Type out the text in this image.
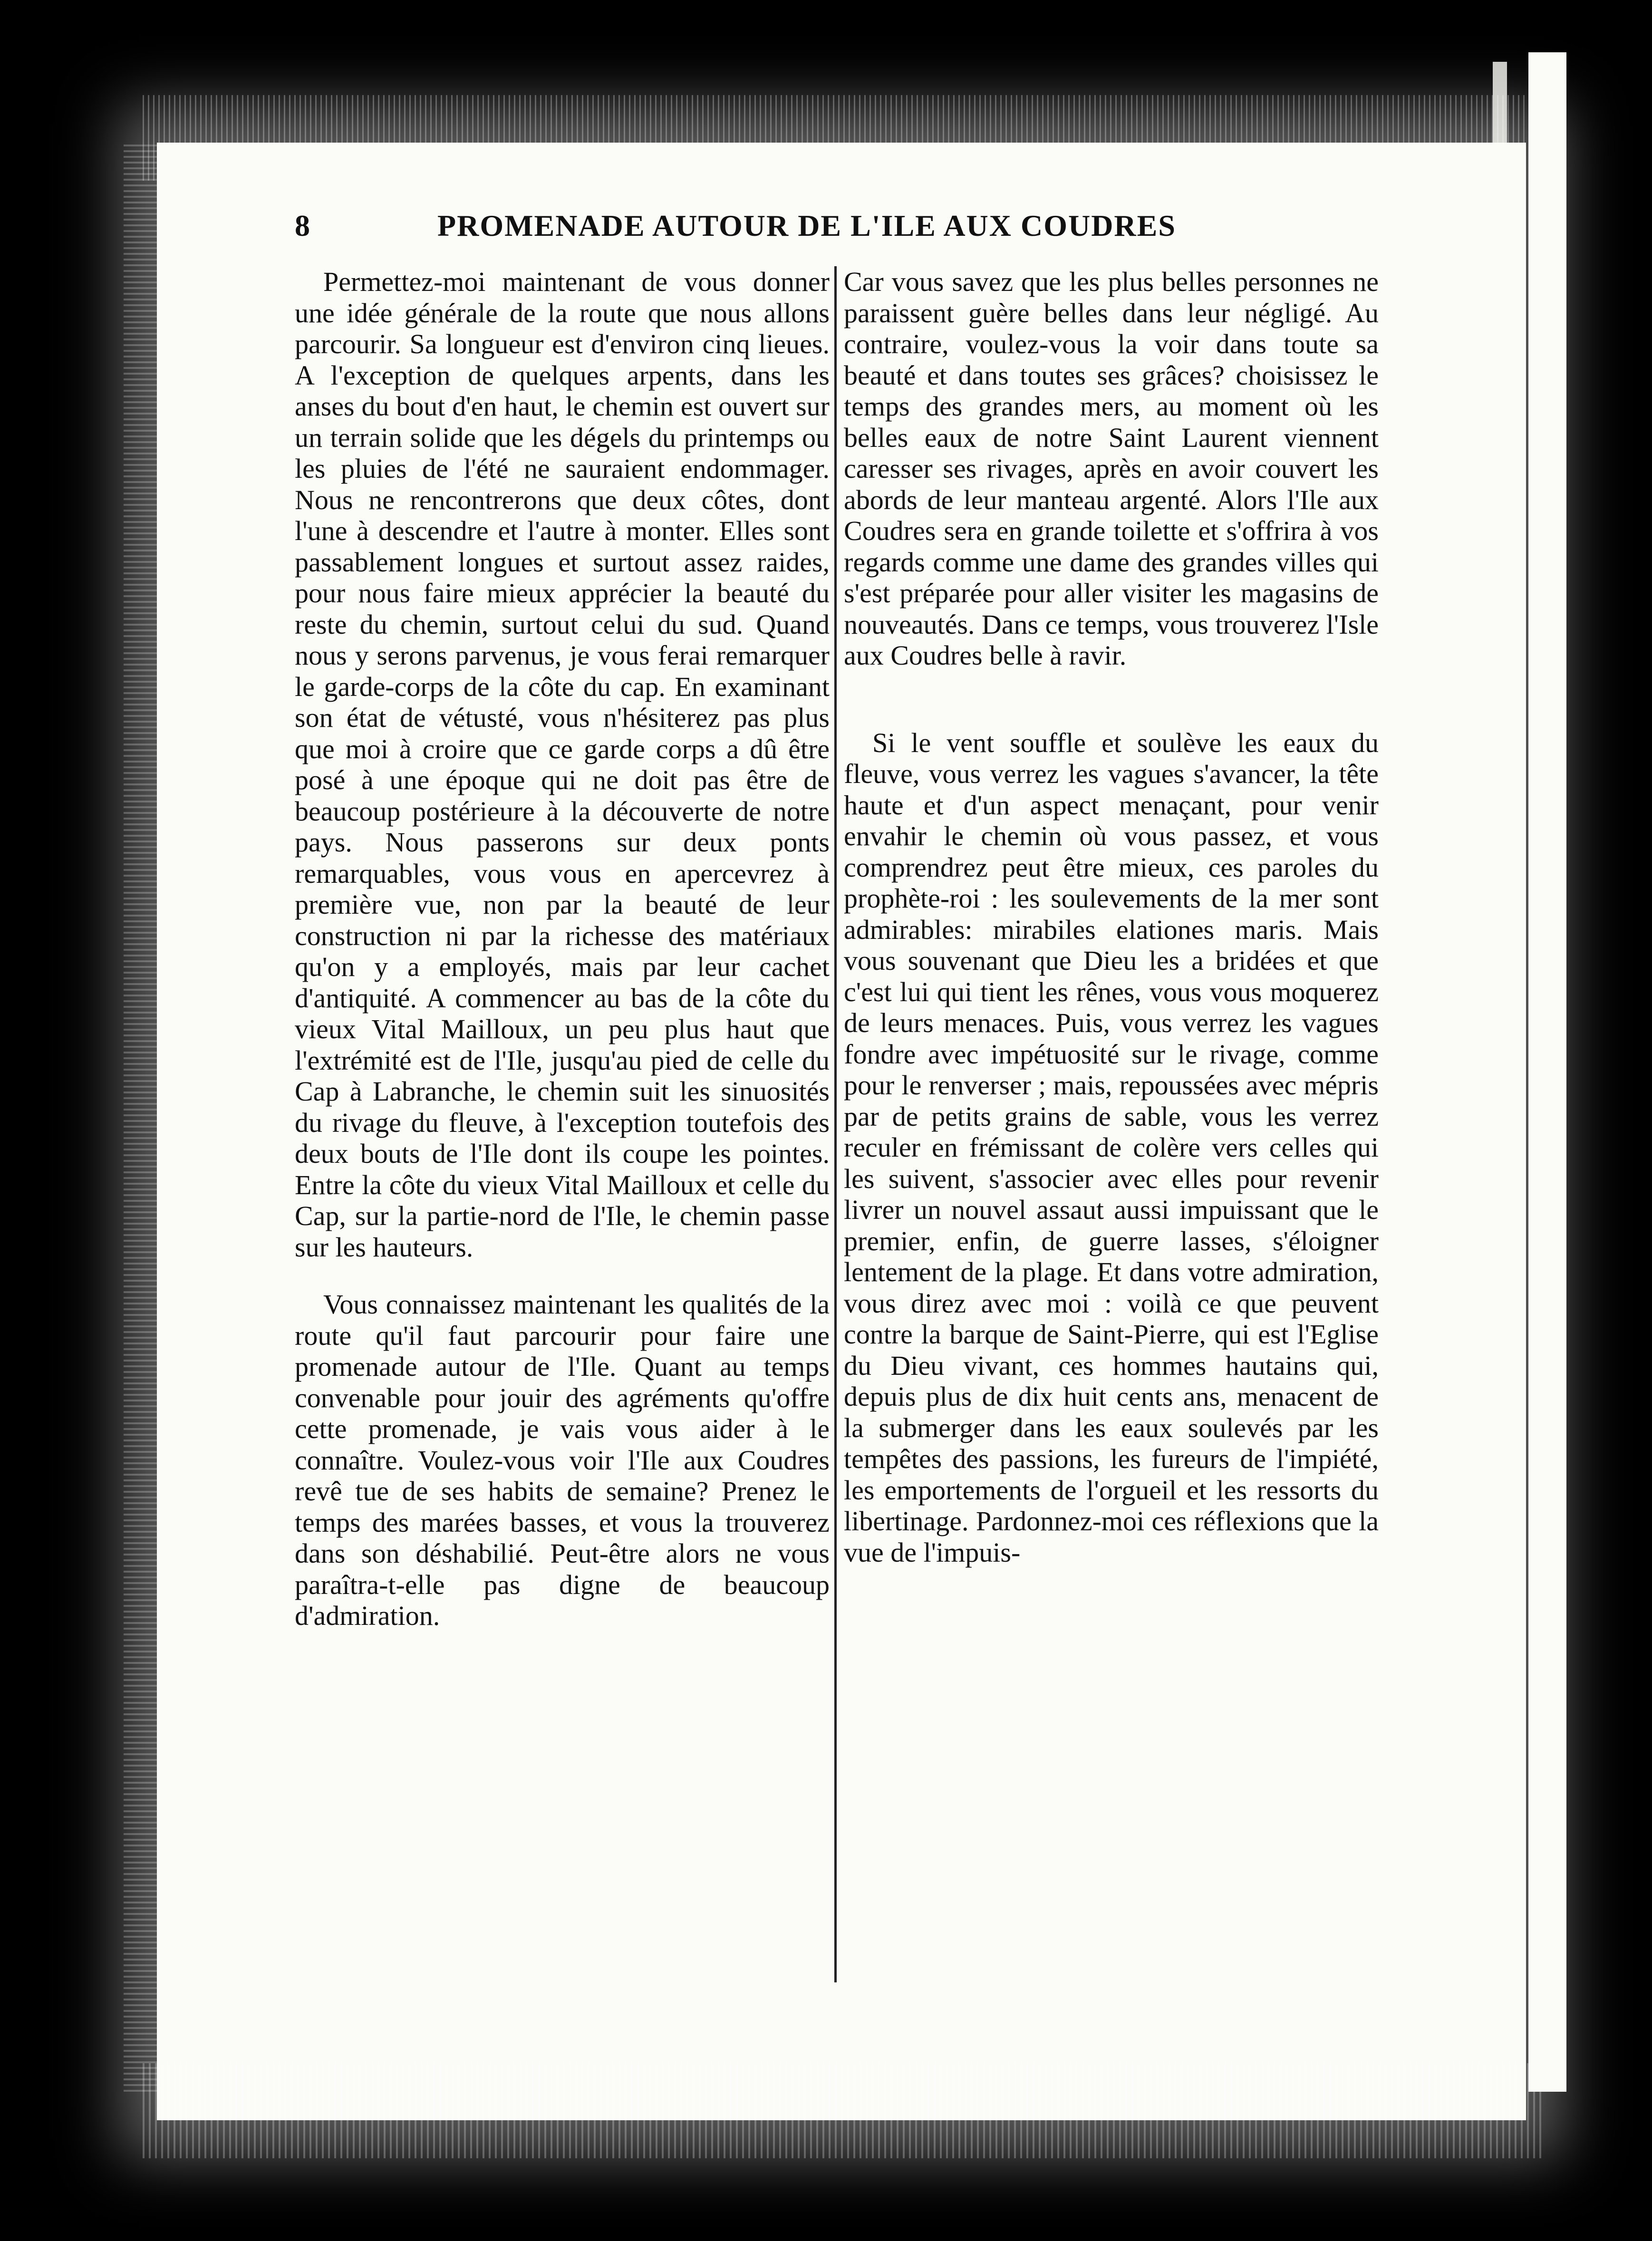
8	PROMENADE AUTOUR DE L'ILE AUX COUDRES

Permettez-moi maintenant de vous donner une idée générale de la route que nous allons parcourir. Sa longueur est d'environ cinq lieues. A l'exception de quelques arpents, dans les anses du bout d'en haut, le chemin est ouvert sur un terrain solide que les dégels du printemps ou les pluies de l'été ne sauraient endommager. Nous ne rencontrerons que deux côtes, dont l'une à descendre et l'autre à monter. Elles sont passablement longues et surtout assez raides, pour nous faire mieux apprécier la beauté du reste du chemin, surtout celui du sud. Quand nous y serons parvenus, je vous ferai remarquer le garde-corps de la côte du cap. En examinant son état de vétusté, vous n'hésiterez pas plus que moi à croire que ce garde corps a dû être posé à une époque qui ne doit pas être de beaucoup postérieure à la découverte de notre pays. Nous passerons sur deux ponts remarquables, vous vous en apercevrez à première vue, non par la beauté de leur construction ni par la richesse des matériaux qu'on y a employés, mais par leur cachet d'antiquité. A commencer au bas de la côte du vieux Vital Mailloux, un peu plus haut que l'extrémité est de l'Ile, jusqu'au pied de celle du Cap à Labranche, le chemin suit les sinuosités du rivage du fleuve, à l'exception toutefois des deux bouts de l'Ile dont ils coupe les pointes. Entre la côte du vieux Vital Mailloux et celle du Cap, sur la partie-nord de l'Ile, le chemin passe sur les hauteurs.

Vous connaissez maintenant les qualités de la route qu'il faut parcourir pour faire une promenade autour de l'Ile. Quant au temps convenable pour jouir des agréments qu'offre cette promenade, je vais vous aider à le connaître. Voulez-vous voir l'Ile aux Coudres revê tue de ses habits de semaine? Prenez le temps des marées basses, et vous la trouverez dans son déshabilié. Peut-être alors ne vous paraîtra-t-elle pas digne de beaucoup d'admiration.

Car vous savez que les plus belles personnes ne paraissent guère belles dans leur négligé. Au contraire, voulez-vous la voir dans toute sa beauté et dans toutes ses grâces? choisissez le temps des grandes mers, au moment où les belles eaux de notre Saint Laurent viennent caresser ses rivages, après en avoir couvert les abords de leur manteau argenté. Alors l'Ile aux Coudres sera en grande toilette et s'offrira à vos regards comme une dame des grandes villes qui s'est préparée pour aller visiter les magasins de nouveautés. Dans ce temps, vous trouverez l'Isle aux Coudres belle à ravir.

Si le vent souffle et soulève les eaux du fleuve, vous verrez les vagues s'avancer, la tête haute et d'un aspect menaçant, pour venir envahir le chemin où vous passez, et vous comprendrez peut être mieux, ces paroles du prophète-roi : les soulevements de la mer sont admirables: mirabiles elationes maris. Mais vous souvenant que Dieu les a bridées et que c'est lui qui tient les rênes, vous vous moquerez de leurs menaces. Puis, vous verrez les vagues fondre avec impétuosité sur le rivage, comme pour le renverser ; mais, repoussées avec mépris par de petits grains de sable, vous les verrez reculer en frémissant de colère vers celles qui les suivent, s'associer avec elles pour revenir livrer un nouvel assaut aussi impuissant que le premier, enfin, de guerre lasses, s'éloigner lentement de la plage. Et dans votre admiration, vous direz avec moi : voilà ce que peuvent contre la barque de Saint-Pierre, qui est l'Eglise du Dieu vivant, ces hommes hautains qui, depuis plus de dix huit cents ans, menacent de la submerger dans les eaux soulevés par les tempêtes des passions, les fureurs de l'impiété, les emportements de l'orgueil et les ressorts du libertinage. Pardonnez-moi ces réflexions que la vue de l'impuis-
